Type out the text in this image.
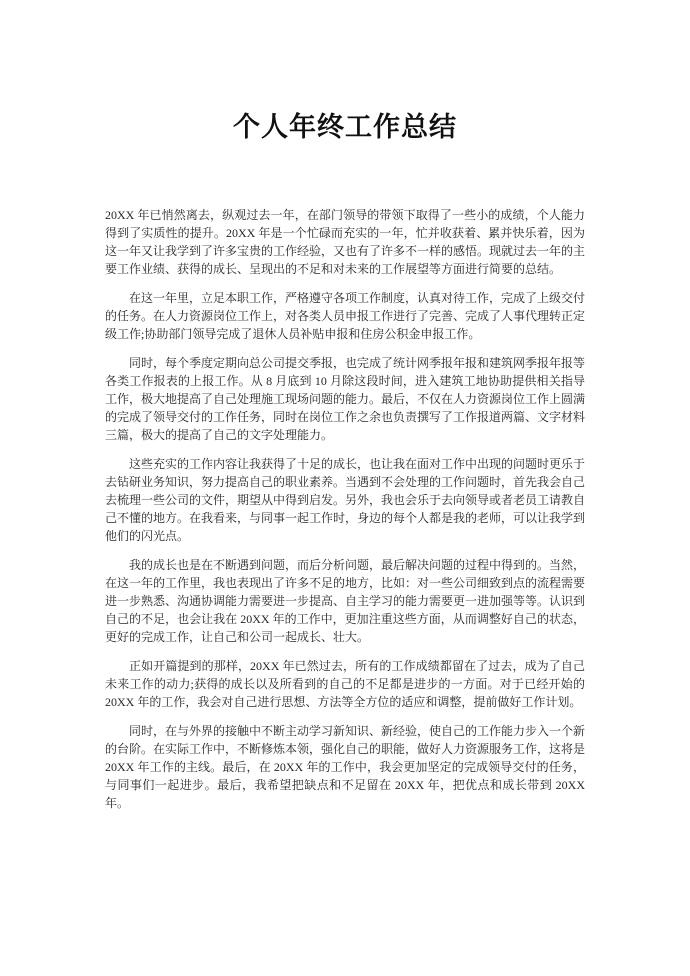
个人年终工作总结

20XX 年已悄然离去，纵观过去一年，在部门领导的带领下取得了一些小的成绩，个人能力得到了实质性的提升。20XX 年是一个忙碌而充实的一年，忙并收获着、累并快乐着，因为这一年又让我学到了许多宝贵的工作经验，又也有了许多不一样的感悟。现就过去一年的主要工作业绩、获得的成长、呈现出的不足和对未来的工作展望等方面进行简要的总结。

在这一年里，立足本职工作，严格遵守各项工作制度，认真对待工作，完成了上级交付的任务。在人力资源岗位工作上，对各类人员申报工作进行了完善、完成了人事代理转正定级工作;协助部门领导完成了退休人员补贴申报和住房公积金申报工作。

同时，每个季度定期向总公司提交季报，也完成了统计网季报年报和建筑网季报年报等各类工作报表的上报工作。从 8 月底到 10 月除这段时间，进入建筑工地协助提供相关指导工作，极大地提高了自己处理施工现场问题的能力。最后，不仅在人力资源岗位工作上圆满的完成了领导交付的工作任务，同时在岗位工作之余也负责撰写了工作报道两篇、文字材料三篇，极大的提高了自己的文字处理能力。

这些充实的工作内容让我获得了十足的成长，也让我在面对工作中出现的问题时更乐于去钻研业务知识，努力提高自己的职业素养。当遇到不会处理的工作问题时，首先我会自己去梳理一些公司的文件，期望从中得到启发。另外，我也会乐于去向领导或者老员工请教自己不懂的地方。在我看来，与同事一起工作时，身边的每个人都是我的老师，可以让我学到他们的闪光点。

我的成长也是在不断遇到问题，而后分析问题，最后解决问题的过程中得到的。当然，在这一年的工作里，我也表现出了许多不足的地方，比如：对一些公司细致到点的流程需要进一步熟悉、沟通协调能力需要进一步提高、自主学习的能力需要更一进加强等等。认识到自己的不足，也会让我在 20XX 年的工作中，更加注重这些方面，从而调整好自己的状态，更好的完成工作，让自己和公司一起成长、壮大。

正如开篇提到的那样，20XX 年已然过去，所有的工作成绩都留在了过去，成为了自己未来工作的动力;获得的成长以及所看到的自己的不足都是进步的一方面。对于已经开始的 20XX 年的工作，我会对自己进行思想、方法等全方位的适应和调整，提前做好工作计划。

同时，在与外界的接触中不断主动学习新知识、新经验，使自己的工作能力步入一个新的台阶。在实际工作中，不断修炼本领，强化自己的职能，做好人力资源服务工作，这将是 20XX 年工作的主线。最后，在 20XX 年的工作中，我会更加坚定的完成领导交付的任务，与同事们一起进步。最后，我希望把缺点和不足留在 20XX 年，把优点和成长带到 20XX 年。
